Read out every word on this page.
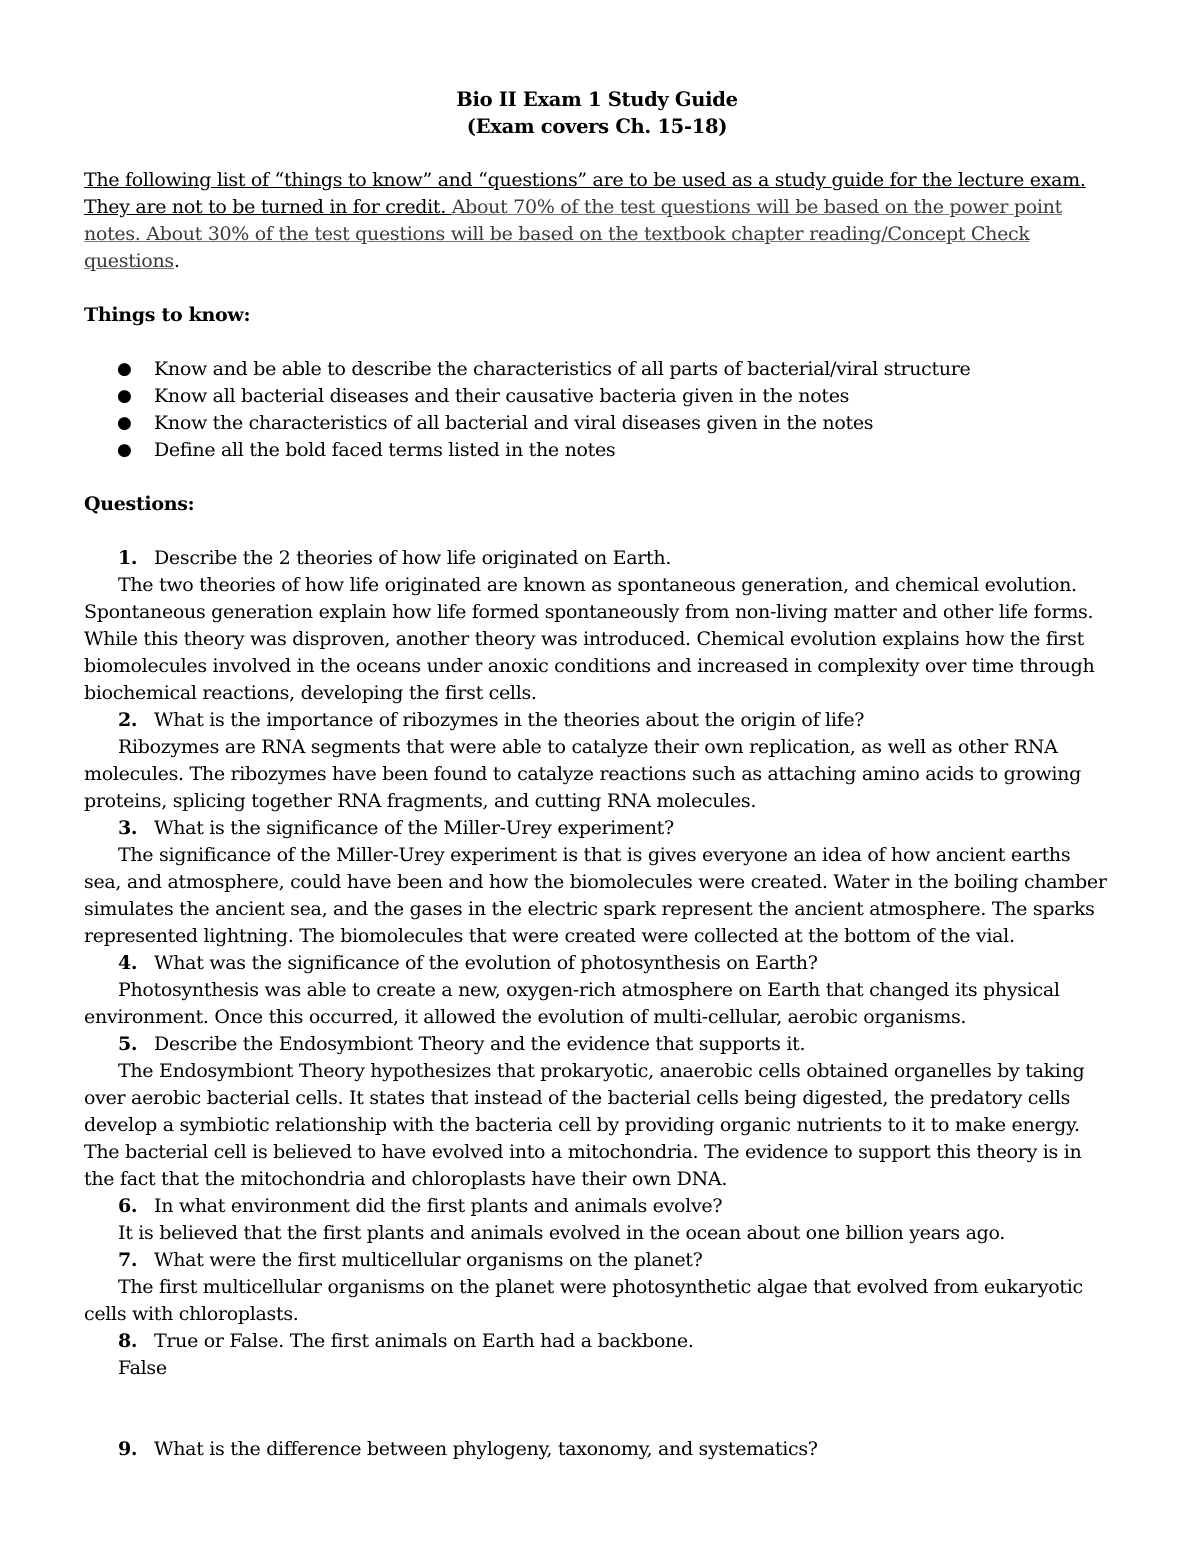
Bio II Exam 1 Study Guide

(Exam covers Ch. 15-18)

The following list of “things to know” and “questions” are to be used as a study guide for the lecture exam. They are not to be turned in for credit. About 70% of the test questions will be based on the power point notes. About 30% of the test questions will be based on the textbook chapter reading/Concept Check questions.

Things to know:

● Know and be able to describe the characteristics of all parts of bacterial/viral structure
● Know all bacterial diseases and their causative bacteria given in the notes
● Know the characteristics of all bacterial and viral diseases given in the notes
● Define all the bold faced terms listed in the notes

Questions:

1. Describe the 2 theories of how life originated on Earth.
The two theories of how life originated are known as spontaneous generation, and chemical evolution.
Spontaneous generation explain how life formed spontaneously from non-living matter and other life forms. While this theory was disproven, another theory was introduced. Chemical evolution explains how the first biomolecules involved in the oceans under anoxic conditions and increased in complexity over time through biochemical reactions, developing the first cells.
2. What is the importance of ribozymes in the theories about the origin of life?
Ribozymes are RNA segments that were able to catalyze their own replication, as well as other RNA
molecules. The ribozymes have been found to catalyze reactions such as attaching amino acids to growing proteins, splicing together RNA fragments, and cutting RNA molecules.
3. What is the significance of the Miller-Urey experiment?
The significance of the Miller-Urey experiment is that is gives everyone an idea of how ancient earths
sea, and atmosphere, could have been and how the biomolecules were created. Water in the boiling chamber simulates the ancient sea, and the gases in the electric spark represent the ancient atmosphere. The sparks represented lightning. The biomolecules that were created were collected at the bottom of the vial.
4. What was the significance of the evolution of photosynthesis on Earth?
Photosynthesis was able to create a new, oxygen-rich atmosphere on Earth that changed its physical
environment. Once this occurred, it allowed the evolution of multi-cellular, aerobic organisms.
5. Describe the Endosymbiont Theory and the evidence that supports it.
The Endosymbiont Theory hypothesizes that prokaryotic, anaerobic cells obtained organelles by taking
over aerobic bacterial cells. It states that instead of the bacterial cells being digested, the predatory cells develop a symbiotic relationship with the bacteria cell by providing organic nutrients to it to make energy. The bacterial cell is believed to have evolved into a mitochondria. The evidence to support this theory is in the fact that the mitochondria and chloroplasts have their own DNA.
6. In what environment did the first plants and animals evolve?
It is believed that the first plants and animals evolved in the ocean about one billion years ago.
7. What were the first multicellular organisms on the planet?
The first multicellular organisms on the planet were photosynthetic algae that evolved from eukaryotic
cells with chloroplasts.
8. True or False. The first animals on Earth had a backbone.
False
9. What is the difference between phylogeny, taxonomy, and systematics?
